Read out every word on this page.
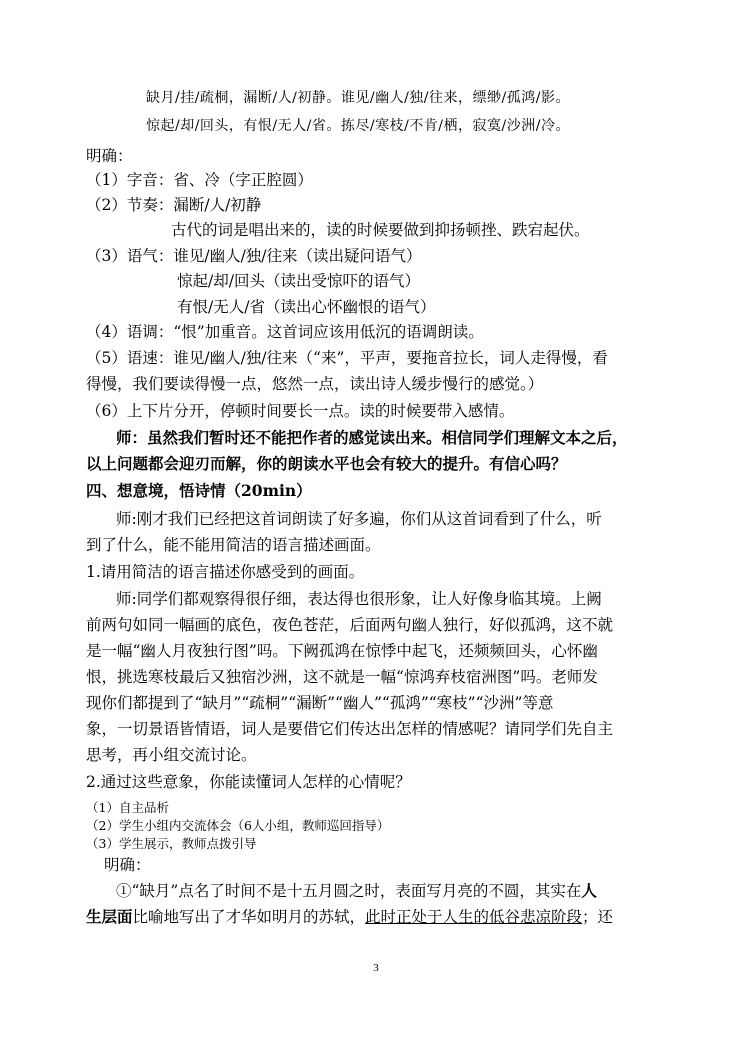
缺月/挂/疏桐，漏断/人/初静。谁见/幽人/独/往来，缥缈/孤鸿/影。
惊起/却/回头，有恨/无人/省。拣尽/寒枝/不肯/栖，寂寞/沙洲/冷。
明确：
（1）字音：省、冷（字正腔圆）
（2）节奏：漏断/人/初静
古代的词是唱出来的，读的时候要做到抑扬顿挫、跌宕起伏。
（3）语气：谁见/幽人/独/往来（读出疑问语气）
惊起/却/回头（读出受惊吓的语气）
有恨/无人/省（读出心怀幽恨的语气）
（4）语调：“恨”加重音。这首词应该用低沉的语调朗读。
（5）语速：谁见/幽人/独/往来（“来”，平声，要拖音拉长，词人走得慢，看
得慢，我们要读得慢一点，悠然一点，读出诗人缓步慢行的感觉。）
（6）上下片分开，停顿时间要长一点。读的时候要带入感情。
师：虽然我们暂时还不能把作者的感觉读出来。相信同学们理解文本之后，
以上问题都会迎刃而解，你的朗读水平也会有较大的提升。有信心吗？
四、想意境，悟诗情（20min）
师:刚才我们已经把这首词朗读了好多遍，你们从这首词看到了什么，听
到了什么，能不能用简洁的语言描述画面。
1.请用简洁的语言描述你感受到的画面。
师:同学们都观察得很仔细，表达得也很形象，让人好像身临其境。上阙
前两句如同一幅画的底色，夜色苍茫，后面两句幽人独行，好似孤鸿，这不就
是一幅“幽人月夜独行图”吗。下阙孤鸿在惊悸中起飞，还频频回头，心怀幽
恨，挑选寒枝最后又独宿沙洲，这不就是一幅“惊鸿弃枝宿洲图”吗。老师发
现你们都提到了“缺月”“疏桐”“漏断”“幽人”“孤鸿”“寒枝”“沙洲”等意
象，一切景语皆情语，词人是要借它们传达出怎样的情感呢？请同学们先自主
思考，再小组交流讨论。
2.通过这些意象，你能读懂词人怎样的心情呢？
（1）自主品析
（2）学生小组内交流体会（6人小组，教师巡回指导）
（3）学生展示，教师点拨引导
明确：
①“缺月”点名了时间不是十五月圆之时，表面写月亮的不圆，其实在人
生层面比喻地写出了才华如明月的苏轼，此时正处于人生的低谷悲凉阶段；还
3
